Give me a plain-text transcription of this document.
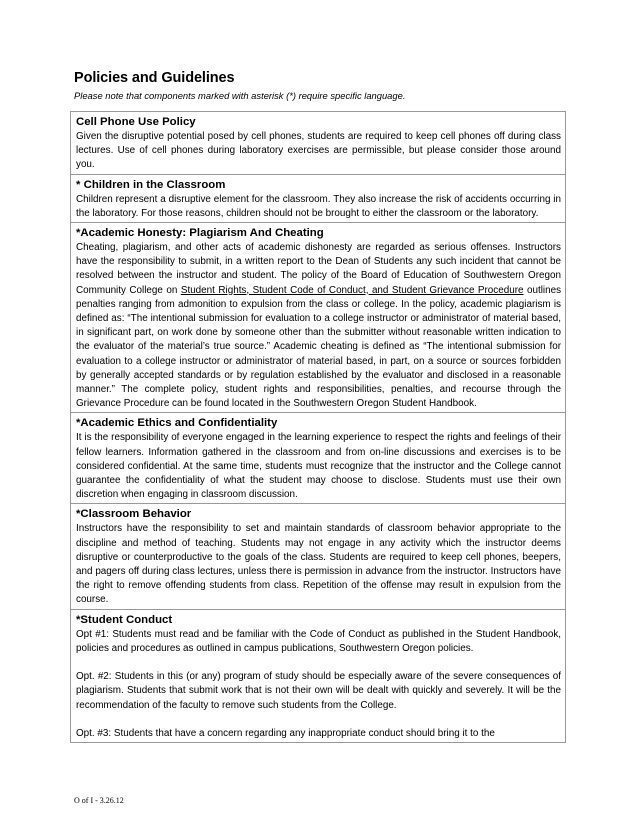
Policies and Guidelines
Please note that components marked with asterisk (*) require specific language.
Cell Phone Use Policy
Given the disruptive potential posed by cell phones, students are required to keep cell phones off during class lectures. Use of cell phones during laboratory exercises are permissible, but please consider those around you.
* Children in the Classroom
Children represent a disruptive element for the classroom. They also increase the risk of accidents occurring in the laboratory. For those reasons, children should not be brought to either the classroom or the laboratory.
*Academic Honesty: Plagiarism And Cheating
Cheating, plagiarism, and other acts of academic dishonesty are regarded as serious offenses. Instructors have the responsibility to submit, in a written report to the Dean of Students any such incident that cannot be resolved between the instructor and student. The policy of the Board of Education of Southwestern Oregon Community College on Student Rights, Student Code of Conduct, and Student Grievance Procedure outlines penalties ranging from admonition to expulsion from the class or college. In the policy, academic plagiarism is defined as: “The intentional submission for evaluation to a college instructor or administrator of material based, in significant part, on work done by someone other than the submitter without reasonable written indication to the evaluator of the material’s true source.” Academic cheating is defined as “The intentional submission for evaluation to a college instructor or administrator of material based, in part, on a source or sources forbidden by generally accepted standards or by regulation established by the evaluator and disclosed in a reasonable manner.” The complete policy, student rights and responsibilities, penalties, and recourse through the Grievance Procedure can be found located in the Southwestern Oregon Student Handbook.
*Academic Ethics and Confidentiality
It is the responsibility of everyone engaged in the learning experience to respect the rights and feelings of their fellow learners. Information gathered in the classroom and from on-line discussions and exercises is to be considered confidential. At the same time, students must recognize that the instructor and the College cannot guarantee the confidentiality of what the student may choose to disclose. Students must use their own discretion when engaging in classroom discussion.
*Classroom Behavior
Instructors have the responsibility to set and maintain standards of classroom behavior appropriate to the discipline and method of teaching. Students may not engage in any activity which the instructor deems disruptive or counterproductive to the goals of the class. Students are required to keep cell phones, beepers, and pagers off during class lectures, unless there is permission in advance from the instructor. Instructors have the right to remove offending students from class. Repetition of the offense may result in expulsion from the course.
*Student Conduct

Opt #1: Students must read and be familiar with the Code of Conduct as published in the Student Handbook, policies and procedures as outlined in campus publications, Southwestern Oregon policies.

Opt. #2: Students in this (or any) program of study should be especially aware of the severe consequences of plagiarism. Students that submit work that is not their own will be dealt with quickly and severely. It will be the recommendation of the faculty to remove such students from the College.

Opt. #3: Students that have a concern regarding any inappropriate conduct should bring it to the

O of I - 3.26.12
